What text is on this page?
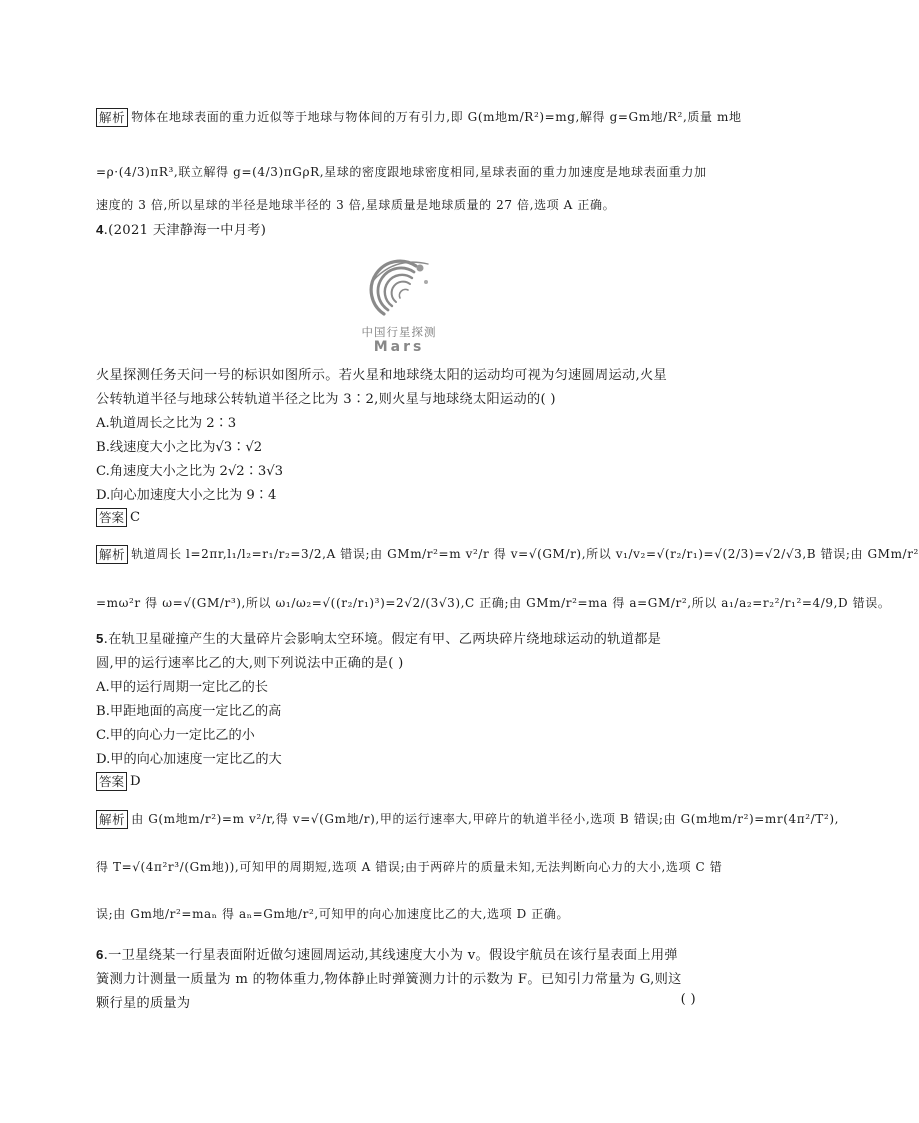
解析 物体在地球表面的重力近似等于地球与物体间的万有引力,即 G(m地m/R²)=mg,解得 g=Gm地/R²,质量 m地
=ρ·(4/3)πR³,联立解得 g=(4/3)πGρR,星球的密度跟地球密度相同,星球表面的重力加速度是地球表面重力加
速度的 3 倍,所以星球的半径是地球半径的 3 倍,星球质量是地球质量的 27 倍,选项 A 正确。
4.(2021 天津静海一中月考)
中国行星探测
Mars
火星探测任务天问一号的标识如图所示。若火星和地球绕太阳的运动均可视为匀速圆周运动,火星
公转轨道半径与地球公转轨道半径之比为 3∶2,则火星与地球绕太阳运动的( )
A.轨道周长之比为 2∶3
B.线速度大小之比为√3∶√2
C.角速度大小之比为 2√2∶3√3
D.向心加速度大小之比为 9∶4
答案 C
解析 轨道周长 l=2πr,l₁/l₂=r₁/r₂=3/2,A 错误;由 GMm/r²=m v²/r 得 v=√(GM/r),所以 v₁/v₂=√(r₂/r₁)=√(2/3)=√2/√3,B 错误;由 GMm/r²
=mω²r 得 ω=√(GM/r³),所以 ω₁/ω₂=√((r₂/r₁)³)=2√2/(3√3),C 正确;由 GMm/r²=ma 得 a=GM/r²,所以 a₁/a₂=r₂²/r₁²=4/9,D 错误。
5.在轨卫星碰撞产生的大量碎片会影响太空环境。假定有甲、乙两块碎片绕地球运动的轨道都是
圆,甲的运行速率比乙的大,则下列说法中正确的是( )
A.甲的运行周期一定比乙的长
B.甲距地面的高度一定比乙的高
C.甲的向心力一定比乙的小
D.甲的向心加速度一定比乙的大
答案 D
解析 由 G(m地m/r²)=m v²/r,得 v=√(Gm地/r),甲的运行速率大,甲碎片的轨道半径小,选项 B 错误;由 G(m地m/r²)=mr(4π²/T²),
得 T=√(4π²r³/(Gm地)),可知甲的周期短,选项 A 错误;由于两碎片的质量未知,无法判断向心力的大小,选项 C 错
误;由 Gm地/r²=maₙ 得 aₙ=Gm地/r²,可知甲的向心加速度比乙的大,选项 D 正确。
6.一卫星绕某一行星表面附近做匀速圆周运动,其线速度大小为 v。假设宇航员在该行星表面上用弹
簧测力计测量一质量为 m 的物体重力,物体静止时弹簧测力计的示数为 F。已知引力常量为 G,则这
颗行星的质量为	( )
